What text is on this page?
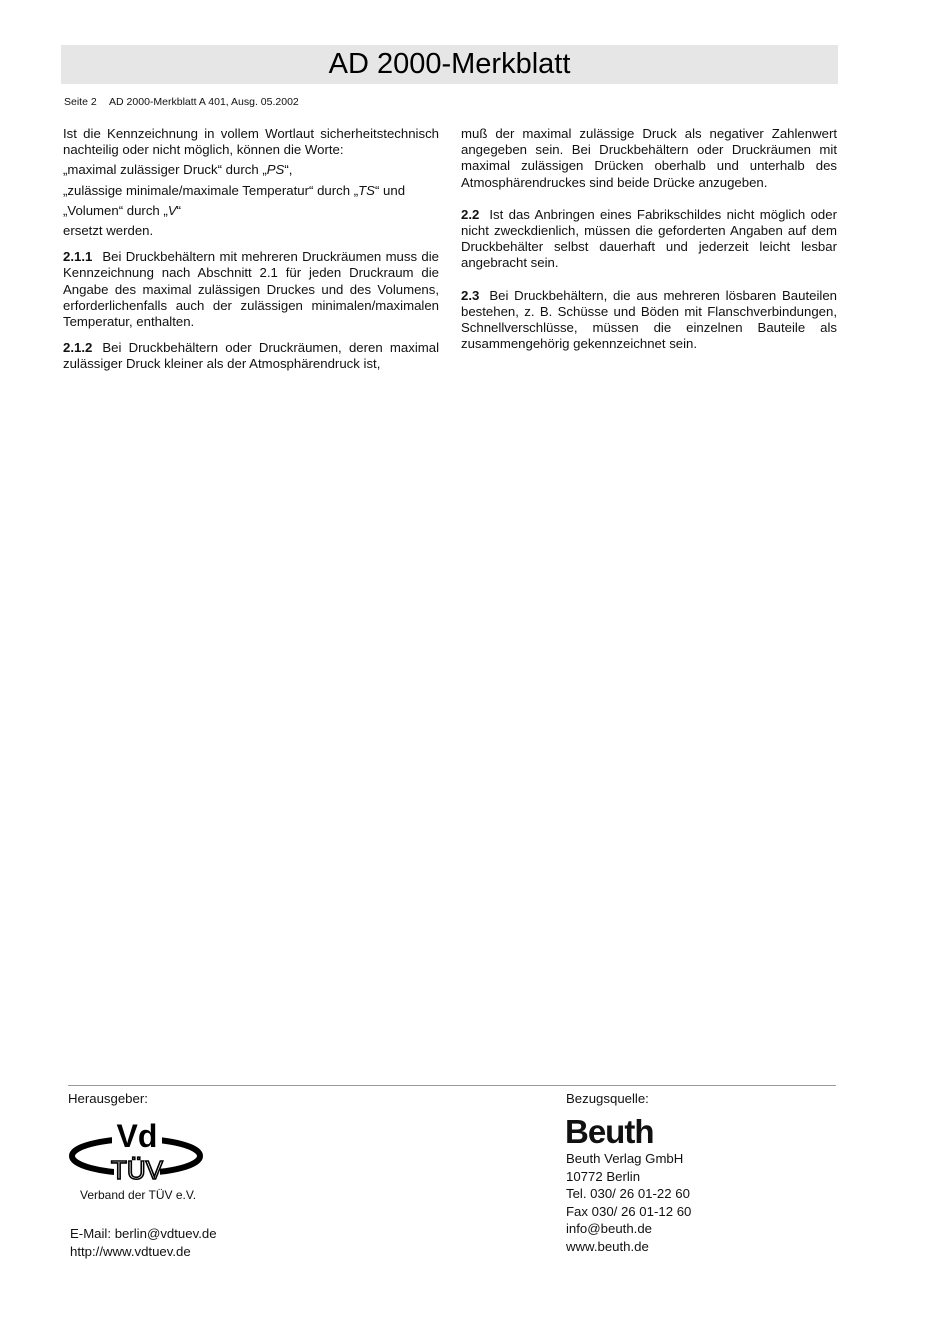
AD 2000-Merkblatt
Seite 2 AD 2000-Merkblatt A 401, Ausg. 05.2002

Ist die Kennzeichnung in vollem Wortlaut sicherheitstechnisch nachteilig oder nicht möglich, können die Worte:

„maximal zulässiger Druck“ durch „PS“,

„zulässige minimale/maximale Temperatur“ durch „TS“ und

„Volumen“ durch „V“

ersetzt werden.

2.1.1 Bei Druckbehältern mit mehreren Druckräumen muss die Kennzeichnung nach Abschnitt 2.1 für jeden Druckraum die Angabe des maximal zulässigen Druckes und des Volumens, erforderlichenfalls auch der zulässigen minimalen/maximalen Temperatur, enthalten.

2.1.2 Bei Druckbehältern oder Druckräumen, deren maximal zulässiger Druck kleiner als der Atmosphärendruck ist,

muß der maximal zulässige Druck als negativer Zahlenwert angegeben sein. Bei Druckbehältern oder Druckräumen mit maximal zulässigen Drücken oberhalb und unterhalb des Atmosphärendruckes sind beide Drücke anzugeben.

2.2 Ist das Anbringen eines Fabrikschildes nicht möglich oder nicht zweckdienlich, müssen die geforderten Angaben auf dem Druckbehälter selbst dauerhaft und jederzeit leicht lesbar angebracht sein.

2.3 Bei Druckbehältern, die aus mehreren lösbaren Bauteilen bestehen, z. B. Schüsse und Böden mit Flanschverbindungen, Schnellverschlüsse, müssen die einzelnen Bauteile als zusammengehörig gekennzeichnet sein.

Herausgeber:
Vd
TÜV
Verband der TÜV e.V.
E-Mail: berlin@vdtuev.de
http://www.vdtuev.de
Bezugsquelle:
Beuth
Beuth Verlag GmbH
10772 Berlin
Tel. 030/ 26 01-22 60
Fax 030/ 26 01-12 60
info@beuth.de
www.beuth.de
